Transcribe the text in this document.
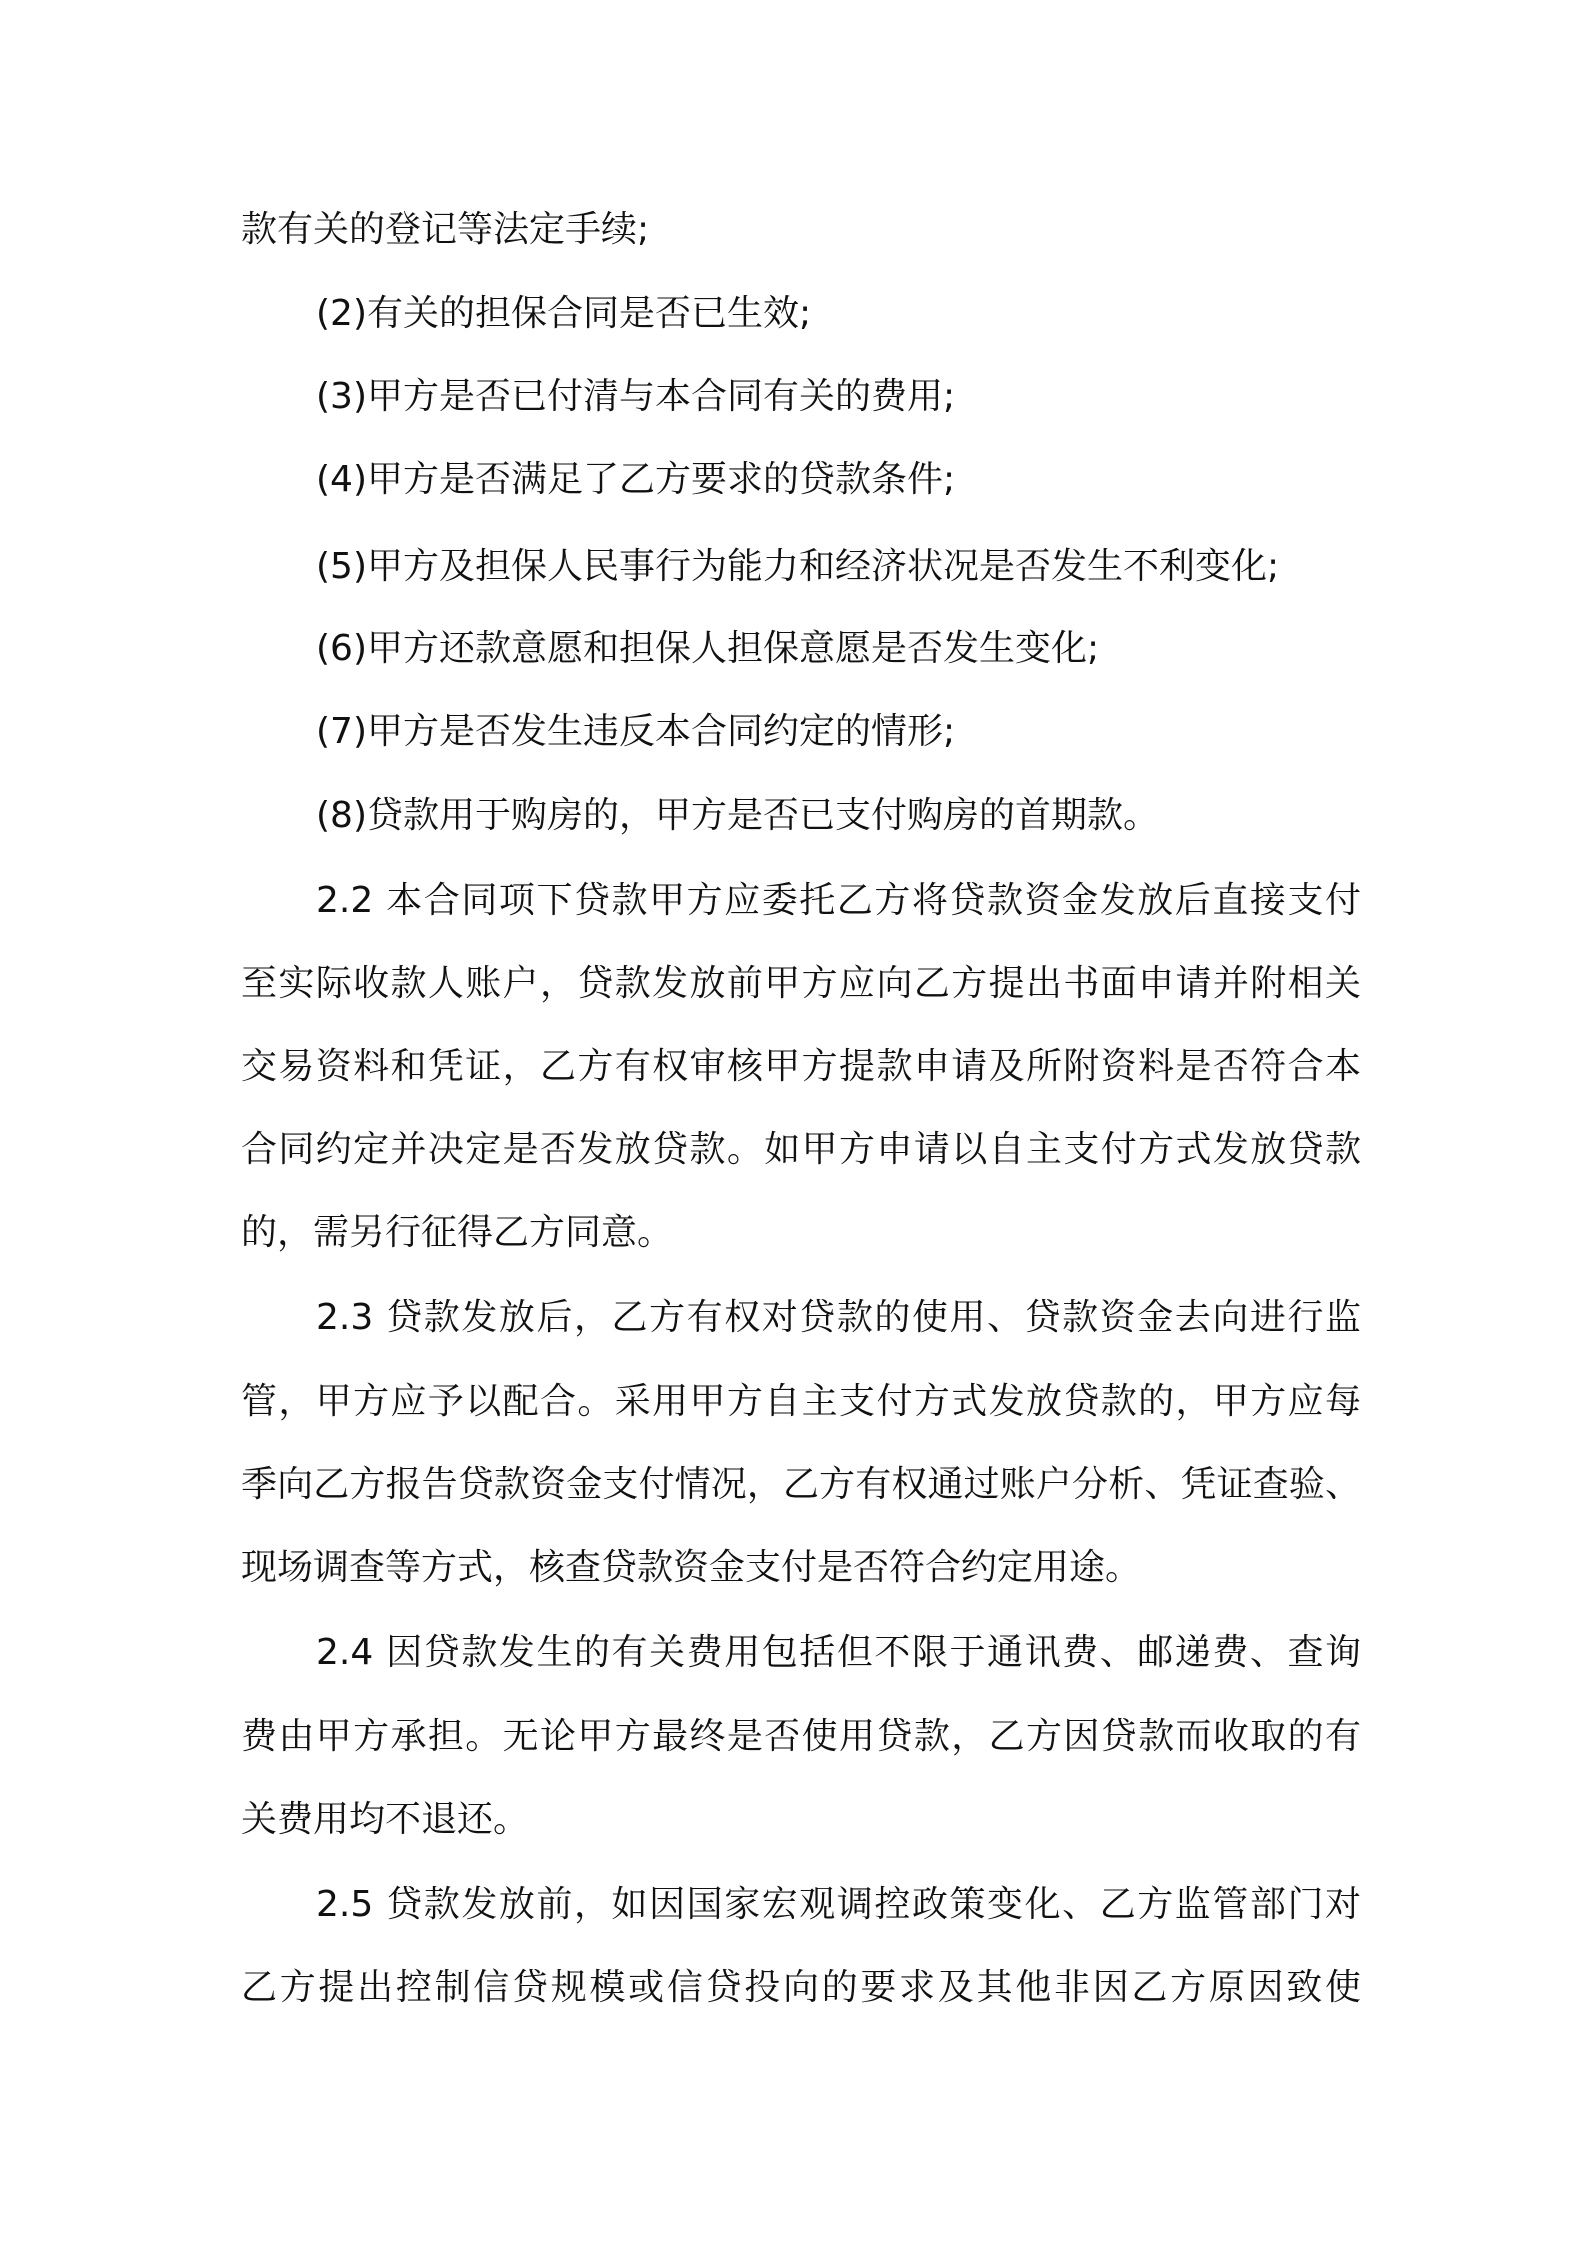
款有关的登记等法定手续;
(2)有关的担保合同是否已生效;
(3)甲方是否已付清与本合同有关的费用;
(4)甲方是否满足了乙方要求的贷款条件;
(5)甲方及担保人民事行为能力和经济状况是否发生不利变化;
(6)甲方还款意愿和担保人担保意愿是否发生变化;
(7)甲方是否发生违反本合同约定的情形;
(8)贷款用于购房的，甲方是否已支付购房的首期款。
2.2 本合同项下贷款甲方应委托乙方将贷款资金发放后直接支付
至实际收款人账户，贷款发放前甲方应向乙方提出书面申请并附相关
交易资料和凭证，乙方有权审核甲方提款申请及所附资料是否符合本
合同约定并决定是否发放贷款。如甲方申请以自主支付方式发放贷款
的，需另行征得乙方同意。
2.3 贷款发放后，乙方有权对贷款的使用、贷款资金去向进行监
管，甲方应予以配合。采用甲方自主支付方式发放贷款的，甲方应每
季向乙方报告贷款资金支付情况，乙方有权通过账户分析、凭证查验、
现场调查等方式，核查贷款资金支付是否符合约定用途。
2.4 因贷款发生的有关费用包括但不限于通讯费、邮递费、查询
费由甲方承担。无论甲方最终是否使用贷款，乙方因贷款而收取的有
关费用均不退还。
2.5 贷款发放前，如因国家宏观调控政策变化、乙方监管部门对
乙方提出控制信贷规模或信贷投向的要求及其他非因乙方原因致使
